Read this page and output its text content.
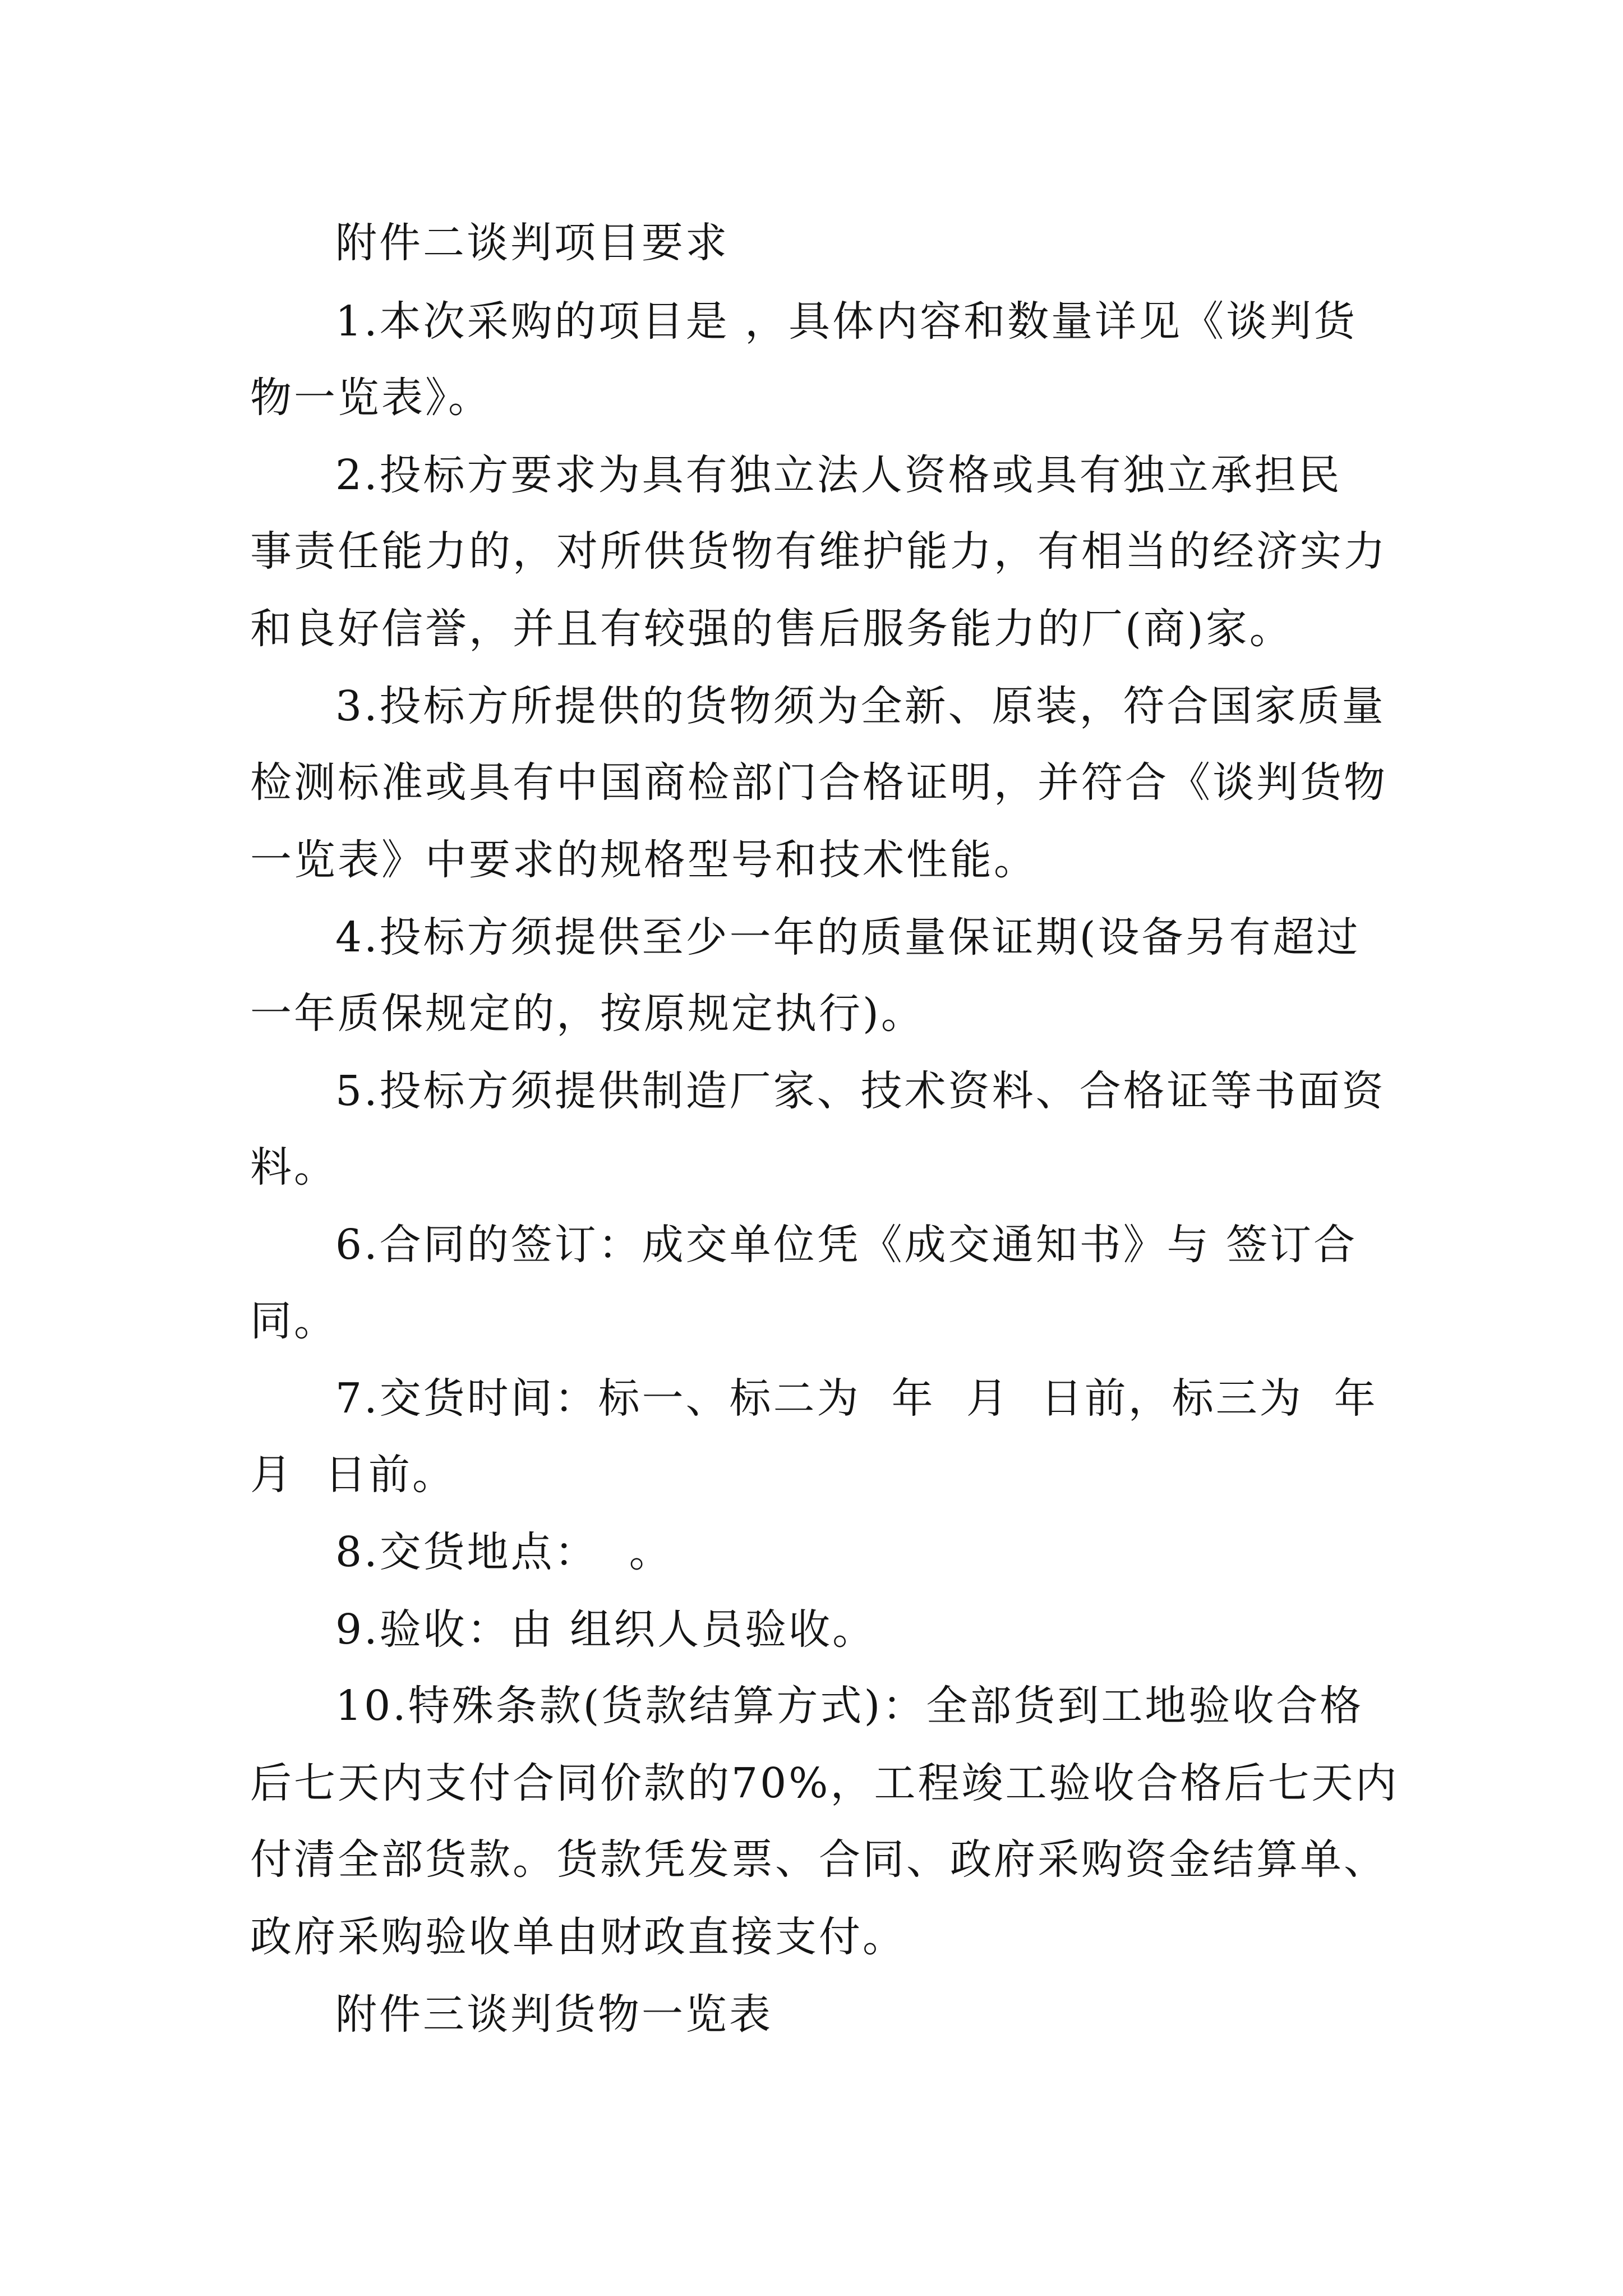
附件二谈判项目要求
1.本次采购的项目是 ，具体内容和数量详见《谈判货
物一览表》。
2.投标方要求为具有独立法人资格或具有独立承担民
事责任能力的，对所供货物有维护能力，有相当的经济实力
和良好信誉，并且有较强的售后服务能力的厂(商)家。
3.投标方所提供的货物须为全新、原装，符合国家质量
检测标准或具有中国商检部门合格证明，并符合《谈判货物
一览表》中要求的规格型号和技术性能。
4.投标方须提供至少一年的质量保证期(设备另有超过
一年质保规定的，按原规定执行)。
5.投标方须提供制造厂家、技术资料、合格证等书面资
料。
6.合同的签订：成交单位凭《成交通知书》与 签订合
同。
7.交货时间：标一、标二为  年  月  日前，标三为  年
月  日前。
8.交货地点：  。
9.验收：由 组织人员验收。
10.特殊条款(货款结算方式)：全部货到工地验收合格
后七天内支付合同价款的70%，工程竣工验收合格后七天内
付清全部货款。货款凭发票、合同、政府采购资金结算单、
政府采购验收单由财政直接支付。
附件三谈判货物一览表
